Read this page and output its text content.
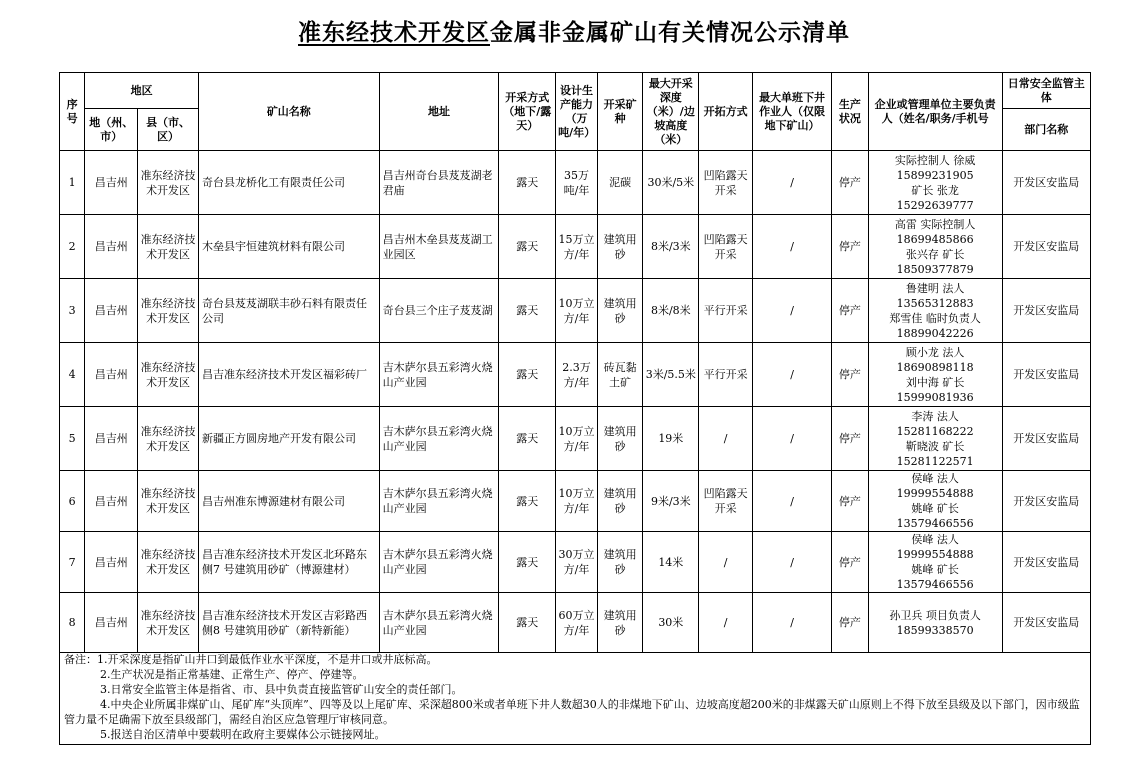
准东经技术开发区金属非金属矿山有关情况公示清单
序号	地区		矿山名称	地址	开采方式（地下/露天）	设计生产能力（万吨/年）	开采矿种	最大开采深度（米）/边坡高度（米）	开拓方式	最大单班下井作业人（仅限地下矿山）	生产状况	企业或管理单位主要负责人（姓名/职务/手机号	日常安全监管主体
	地（州、市）	县（市、区）											部门名称
1	昌吉州	准东经济技术开发区	奇台县龙桥化工有限责任公司	昌吉州奇台县芨芨湖老君庙	露天	35万吨/年	泥碳	30米/5米	凹陷露天开采	/	停产	实际控制人 徐威
15899231905
矿长 张龙
15292639777	开发区安监局
2	昌吉州	准东经济技术开发区	木垒县宇恒建筑材料有限公司	昌吉州木垒县芨芨湖工业园区	露天	15万立方/年	建筑用砂	8米/3米	凹陷露天开采	/	停产	高雷 实际控制人
18699485866
张兴存 矿长
18509377879	开发区安监局
3	昌吉州	准东经济技术开发区	奇台县芨芨湖联丰砂石料有限责任公司	奇台县三个庄子芨芨湖	露天	10万立方/年	建筑用砂	8米/8米	平行开采	/	停产	鲁建明 法人
13565312883
郑雪佳 临时负责人
18899042226	开发区安监局
4	昌吉州	准东经济技术开发区	昌吉准东经济技术开发区福彩砖厂	吉木萨尔县五彩湾火烧山产业园	露天	2.3万方/年	砖瓦黏土矿	3米/5.5米	平行开采	/	停产	顾小龙 法人
18690898118
刘中海 矿长
15999081936	开发区安监局
5	昌吉州	准东经济技术开发区	新疆正方圆房地产开发有限公司	吉木萨尔县五彩湾火烧山产业园	露天	10万立方/年	建筑用砂	19米	/	/	停产	李涛 法人
15281168222
靳晓波 矿长
15281122571	开发区安监局
6	昌吉州	准东经济技术开发区	昌吉州准东博源建材有限公司	吉木萨尔县五彩湾火烧山产业园	露天	10万立方/年	建筑用砂	9米/3米	凹陷露天开采	/	停产	侯峰 法人
19999554888
姚峰 矿长
13579466556	开发区安监局
7	昌吉州	准东经济技术开发区	昌吉准东经济技术开发区北环路东侧7 号建筑用砂矿（博源建材）	吉木萨尔县五彩湾火烧山产业园	露天	30万立方/年	建筑用砂	14米	/	/	停产	侯峰 法人
19999554888
姚峰 矿长
13579466556	开发区安监局
8	昌吉州	准东经济技术开发区	昌吉准东经济技术开发区吉彩路西侧8 号建筑用砂矿（新特新能）	吉木萨尔县五彩湾火烧山产业园	露天	60万立方/年	建筑用砂	30米	/	/	停产	孙卫兵 项目负责人
18599338570	开发区安监局
备注：1.开采深度是指矿山井口到最低作业水平深度，不是井口或井底标高。
2.生产状况是指正常基建、正常生产、停产、停建等。
3.日常安全监管主体是指省、市、县中负责直接监管矿山安全的责任部门。
4.中央企业所属非煤矿山、尾矿库“头顶库”、四等及以上尾矿库、采深超800米或者单班下井人数超30人的非煤地下矿山、边坡高度超200米的非煤露天矿山原则上不得下放至县级及以下部门，因市级监管力量不足确需下放至县级部门，需经自治区应急管理厅审核同意。
5.报送自治区清单中要载明在政府主要媒体公示链接网址。
